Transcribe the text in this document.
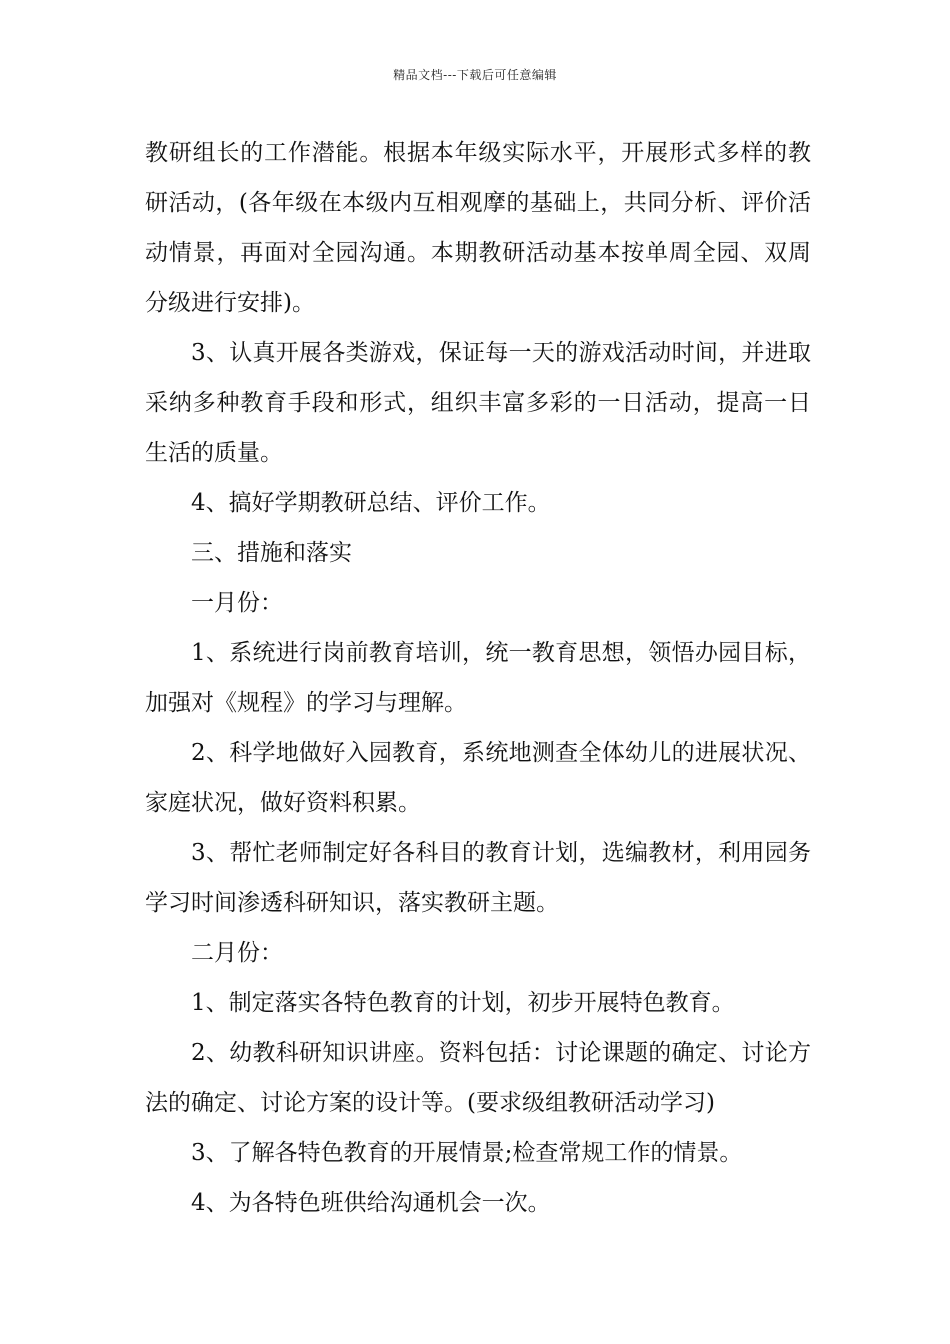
精品文档---下载后可任意编辑

教研组长的工作潜能。根据本年级实际水平，开展形式多样的教研活动，(各年级在本级内互相观摩的基础上，共同分析、评价活动情景，再面对全园沟通。本期教研活动基本按单周全园、双周分级进行安排)。

3、认真开展各类游戏，保证每一天的游戏活动时间，并进取采纳多种教育手段和形式，组织丰富多彩的一日活动，提高一日生活的质量。

4、搞好学期教研总结、评价工作。

三、措施和落实

一月份：

1、系统进行岗前教育培训，统一教育思想，领悟办园目标，加强对《规程》的学习与理解。

2、科学地做好入园教育，系统地测查全体幼儿的进展状况、家庭状况，做好资料积累。

3、帮忙老师制定好各科目的教育计划，选编教材，利用园务学习时间渗透科研知识，落实教研主题。

二月份：

1、制定落实各特色教育的计划，初步开展特色教育。

2、幼教科研知识讲座。资料包括：讨论课题的确定、讨论方法的确定、讨论方案的设计等。(要求级组教研活动学习)

3、了解各特色教育的开展情景;检查常规工作的情景。

4、为各特色班供给沟通机会一次。
